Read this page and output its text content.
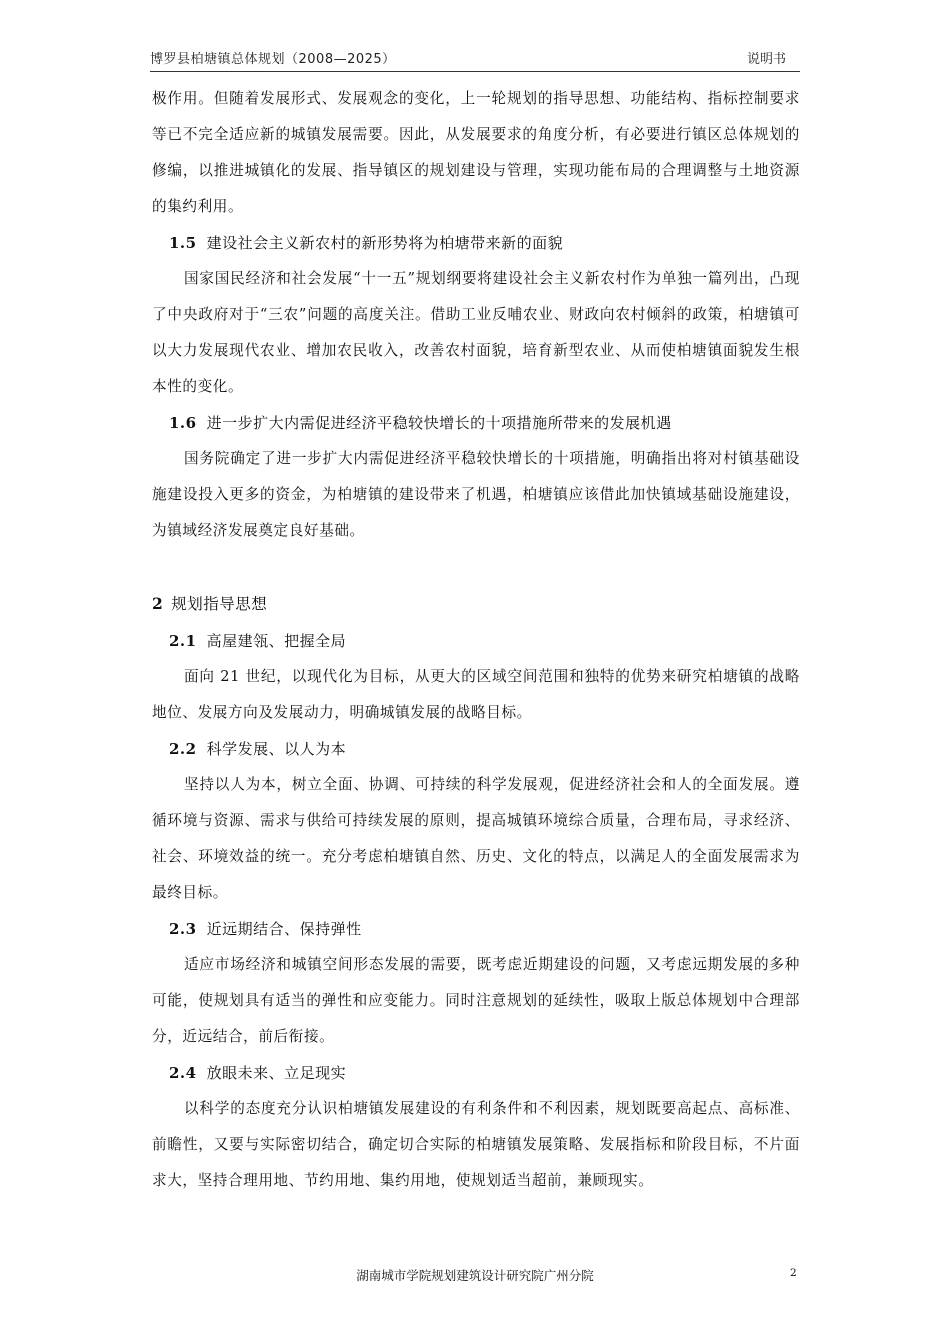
博罗县柏塘镇总体规划（2008—2025）	说明书

极作用。但随着发展形式、发展观念的变化，上一轮规划的指导思想、功能结构、指标控制要求等已不完全适应新的城镇发展需要。因此，从发展要求的角度分析，有必要进行镇区总体规划的修编，以推进城镇化的发展、指导镇区的规划建设与管理，实现功能布局的合理调整与土地资源的集约利用。

1.5 建设社会主义新农村的新形势将为柏塘带来新的面貌

国家国民经济和社会发展“十一五”规划纲要将建设社会主义新农村作为单独一篇列出，凸现了中央政府对于“三农”问题的高度关注。借助工业反哺农业、财政向农村倾斜的政策，柏塘镇可以大力发展现代农业、增加农民收入，改善农村面貌，培育新型农业、从而使柏塘镇面貌发生根本性的变化。

1.6 进一步扩大内需促进经济平稳较快增长的十项措施所带来的发展机遇

国务院确定了进一步扩大内需促进经济平稳较快增长的十项措施，明确指出将对村镇基础设施建设投入更多的资金，为柏塘镇的建设带来了机遇，柏塘镇应该借此加快镇域基础设施建设，为镇域经济发展奠定良好基础。

2 规划指导思想
2.1 高屋建瓴、把握全局

面向 21 世纪，以现代化为目标，从更大的区域空间范围和独特的优势来研究柏塘镇的战略地位、发展方向及发展动力，明确城镇发展的战略目标。

2.2 科学发展、以人为本

坚持以人为本，树立全面、协调、可持续的科学发展观，促进经济社会和人的全面发展。遵循环境与资源、需求与供给可持续发展的原则，提高城镇环境综合质量，合理布局，寻求经济、社会、环境效益的统一。充分考虑柏塘镇自然、历史、文化的特点，以满足人的全面发展需求为最终目标。

2.3 近远期结合、保持弹性

适应市场经济和城镇空间形态发展的需要，既考虑近期建设的问题，又考虑远期发展的多种可能，使规划具有适当的弹性和应变能力。同时注意规划的延续性，吸取上版总体规划中合理部分，近远结合，前后衔接。

2.4 放眼未来、立足现实

以科学的态度充分认识柏塘镇发展建设的有利条件和不利因素，规划既要高起点、高标准、前瞻性，又要与实际密切结合，确定切合实际的柏塘镇发展策略、发展指标和阶段目标，不片面求大，坚持合理用地、节约用地、集约用地，使规划适当超前，兼顾现实。

湖南城市学院规划建筑设计研究院广州分院	2
